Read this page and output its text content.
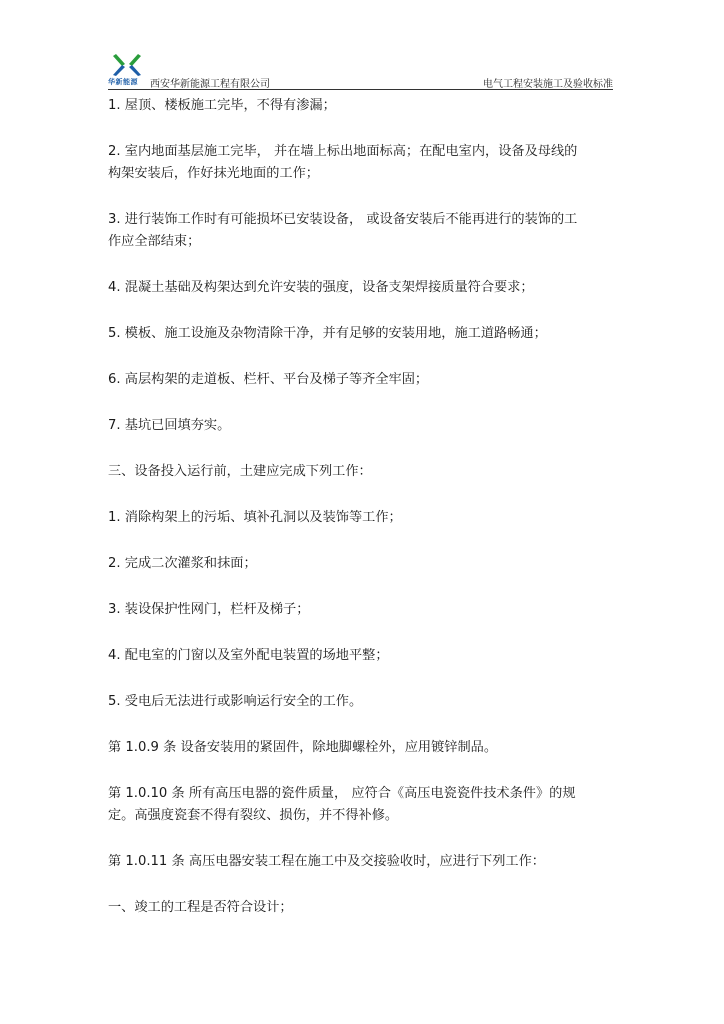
华新能源 西安华新能源工程有限公司	电气工程安装施工及验收标准
1. 屋顶、楼板施工完毕，不得有渗漏；
2. 室内地面基层施工完毕， 并在墙上标出地面标高；在配电室内，设备及母线的
构架安装后，作好抹光地面的工作；
3. 进行装饰工作时有可能损坏已安装设备， 或设备安装后不能再进行的装饰的工
作应全部结束；
4. 混凝土基础及构架达到允许安装的强度，设备支架焊接质量符合要求；
5. 模板、施工设施及杂物清除干净，并有足够的安装用地，施工道路畅通；
6. 高层构架的走道板、栏杆、平台及梯子等齐全牢固；
7. 基坑已回填夯实。
三、设备投入运行前，土建应完成下列工作：
1. 消除构架上的污垢、填补孔洞以及装饰等工作；
2. 完成二次灌浆和抹面；
3. 装设保护性网门，栏杆及梯子；
4. 配电室的门窗以及室外配电装置的场地平整；
5. 受电后无法进行或影响运行安全的工作。
第 1.0.9 条 设备安装用的紧固件，除地脚螺栓外，应用镀锌制品。
第 1.0.10 条 所有高压电器的瓷件质量， 应符合《高压电瓷瓷件技术条件》的规
定。高强度瓷套不得有裂纹、损伤，并不得补修。
第 1.0.11 条 高压电器安装工程在施工中及交接验收时，应进行下列工作：
一、竣工的工程是否符合设计；
